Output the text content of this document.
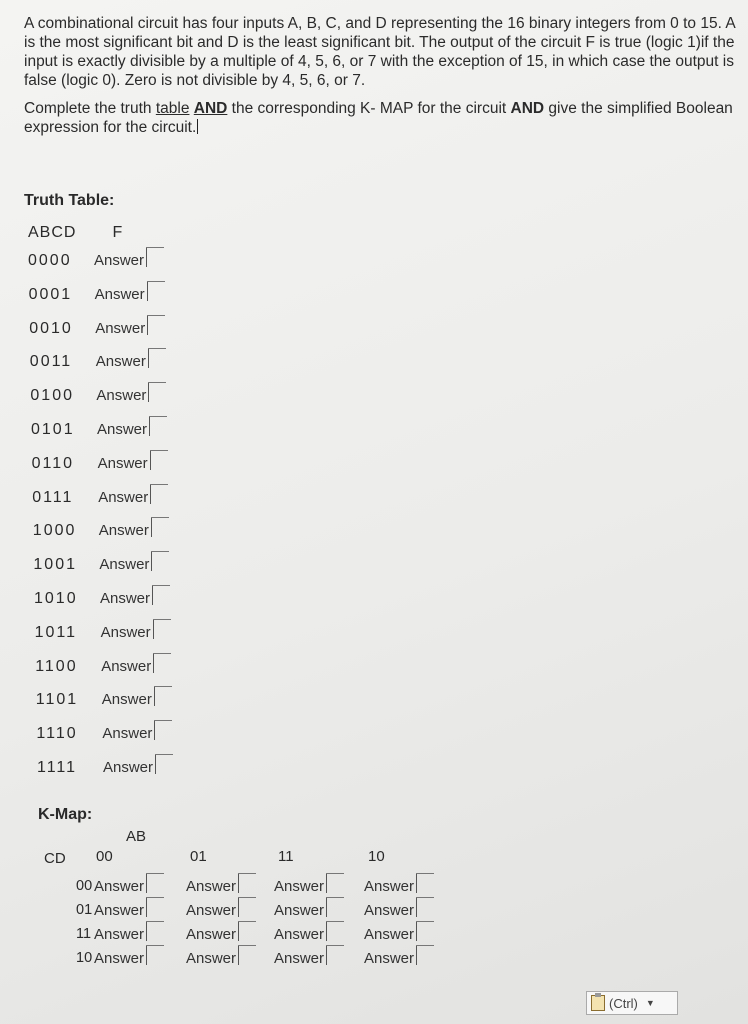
A combinational circuit has four inputs A, B, C, and D representing the 16 binary integers from 0 to 15. A is the most significant bit and D is the least significant bit. The output of the circuit F is true (logic 1)if the input is exactly divisible by a multiple of 4, 5, 6, or 7 with the exception of 15, in which case the output is false (logic 0). Zero is not divisible by 4, 5, 6, or 7.

Complete the truth table AND the corresponding K- MAP for the circuit AND give the simplified Boolean expression for the circuit.

Truth Table:
ABCD F
0000 Answer
0001 Answer
0010 Answer
0011 Answer
0100 Answer
0101 Answer
0110 Answer
0111 Answer
1000 Answer
1001 Answer
1010 Answer
1011 Answer
1100 Answer
1101 Answer
1110 Answer
1111 Answer
K-Map:
AB
CD 00	01	11	10
00 Answer	Answer	Answer	Answer
01 Answer	Answer	Answer	Answer
11 Answer	Answer	Answer	Answer
10 Answer	Answer	Answer	Answer
(Ctrl) ▼
